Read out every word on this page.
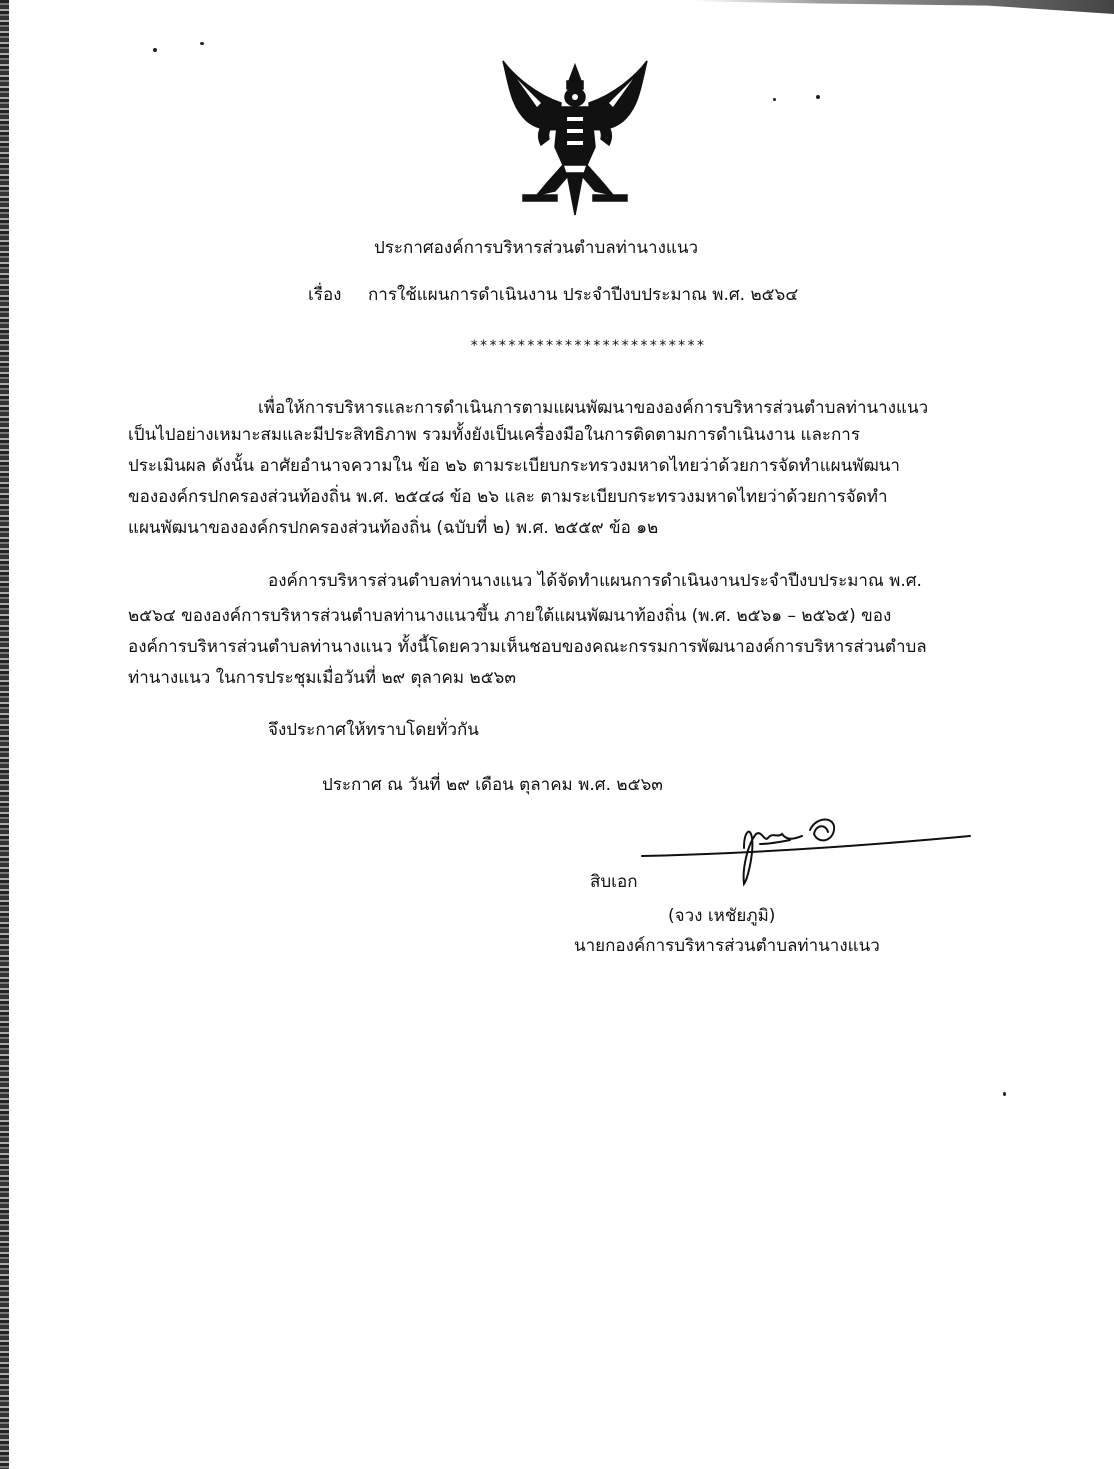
ประกาศองค์การบริหารส่วนตำบลท่านางแนว
เรื่อง การใช้แผนการดำเนินงาน ประจำปีงบประมาณ พ.ศ. ๒๕๖๔
*************************
เพื่อให้การบริหารและการดำเนินการตามแผนพัฒนาขององค์การบริหารส่วนตำบลท่านางแนว
เป็นไปอย่างเหมาะสมและมีประสิทธิภาพ รวมทั้งยังเป็นเครื่องมือในการติดตามการดำเนินงาน และการ
ประเมินผล ดังนั้น อาศัยอำนาจความใน ข้อ ๒๖ ตามระเบียบกระทรวงมหาดไทยว่าด้วยการจัดทำแผนพัฒนา
ขององค์กรปกครองส่วนท้องถิ่น พ.ศ. ๒๕๔๘ ข้อ ๒๖ และ ตามระเบียบกระทรวงมหาดไทยว่าด้วยการจัดทำ
แผนพัฒนาขององค์กรปกครองส่วนท้องถิ่น (ฉบับที่ ๒) พ.ศ. ๒๕๕๙ ข้อ ๑๒
องค์การบริหารส่วนตำบลท่านางแนว ได้จัดทำแผนการดำเนินงานประจำปีงบประมาณ พ.ศ.
๒๕๖๔ ขององค์การบริหารส่วนตำบลท่านางแนวขึ้น ภายใต้แผนพัฒนาท้องถิ่น (พ.ศ. ๒๕๖๑ – ๒๕๖๕) ของ
องค์การบริหารส่วนตำบลท่านางแนว ทั้งนี้โดยความเห็นชอบของคณะกรรมการพัฒนาองค์การบริหารส่วนตำบล
ท่านางแนว ในการประชุมเมื่อวันที่ ๒๙ ตุลาคม ๒๕๖๓
จึงประกาศให้ทราบโดยทั่วกัน
ประกาศ ณ วันที่ ๒๙ เดือน ตุลาคม พ.ศ. ๒๕๖๓
สิบเอก
(จวง เหชัยภูมิ)
นายกองค์การบริหารส่วนตำบลท่านางแนว
